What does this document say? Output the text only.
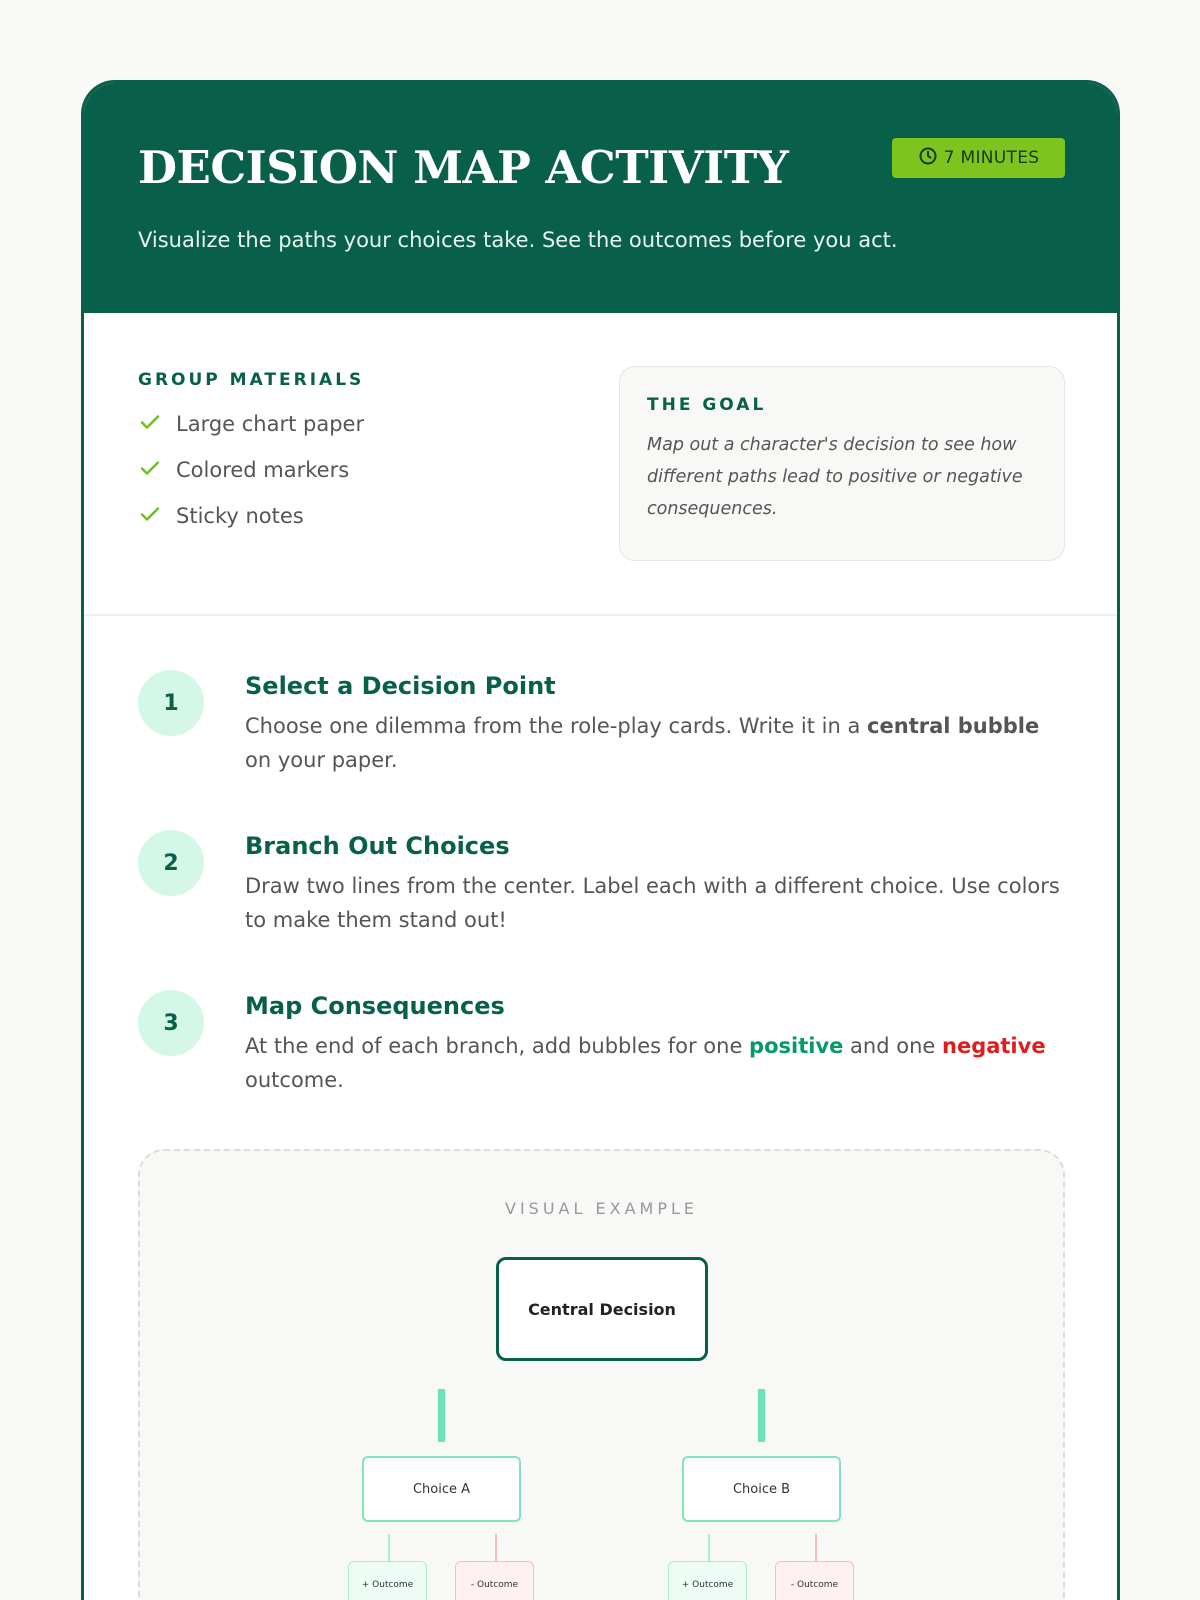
DECISION MAP ACTIVITY	7 MINUTES
Visualize the paths your choices take. See the outcomes before you act.
GROUP MATERIALS
Large chart paper
Colored markers
Sticky notes
THE GOAL
Map out a character's decision to see how different paths lead to positive or negative consequences.
1
Select a Decision Point
Choose one dilemma from the role-play cards. Write it in a central bubble on your paper.
2
Branch Out Choices
Draw two lines from the center. Label each with a different choice. Use colors to make them stand out!
3
Map Consequences
At the end of each branch, add bubbles for one positive and one negative outcome.
VISUAL EXAMPLE
Central Decision
Choice A	Choice B
+ Outcome	- Outcome	+ Outcome	- Outcome
